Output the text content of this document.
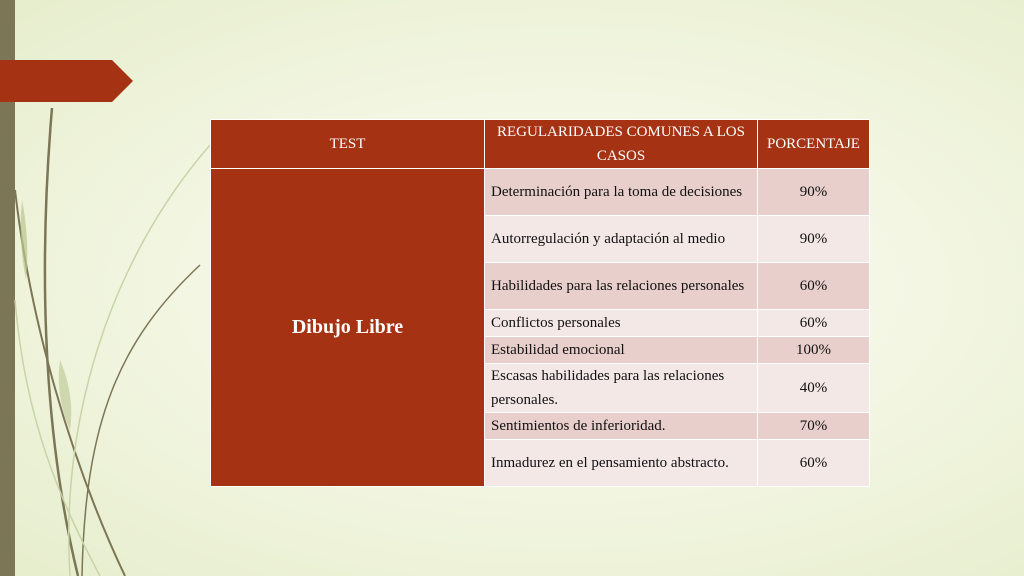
TEST	REGULARIDADES COMUNES A LOS CASOS	PORCENTAJE
Dibujo Libre	Determinación para la toma de decisiones	90%
	Autorregulación y adaptación al medio	90%
	Habilidades para las relaciones personales	60%
	Conflictos personales	60%
	Estabilidad emocional	100%
	Escasas habilidades para las relaciones personales.	40%
	Sentimientos de inferioridad.	70%
	Inmadurez en el pensamiento abstracto.	60%
